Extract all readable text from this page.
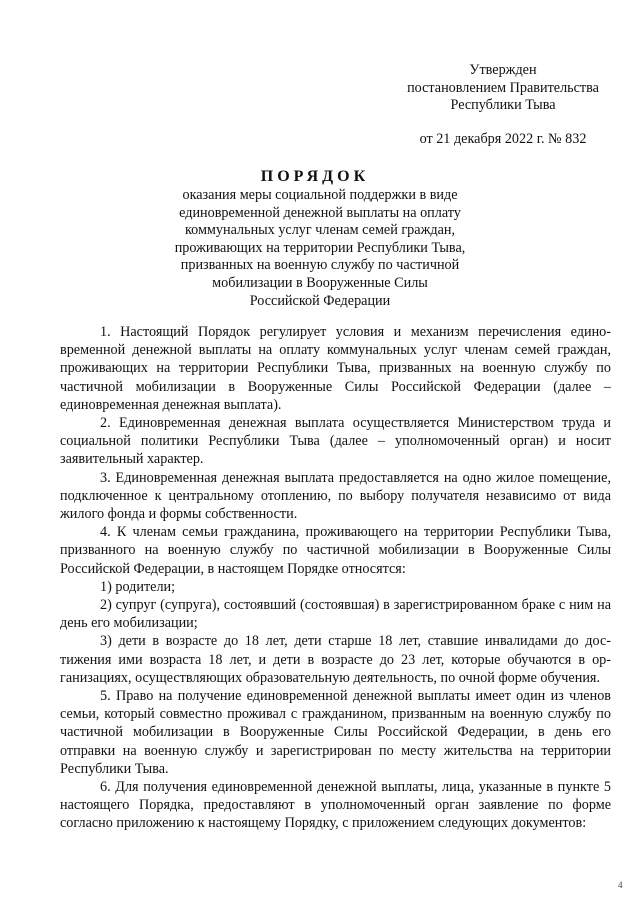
Утвержден
постановлением Правительства
Республики Тыва
от 21 декабря 2022 г. № 832
ПОРЯДОК
оказания меры социальной поддержки в виде
единовременной денежной выплаты на оплату
коммунальных услуг членам семей граждан,
проживающих на территории Республики Тыва,
призванных на военную службу по частичной
мобилизации в Вооруженные Силы
Российской Федерации

1. Настоящий Порядок регулирует условия и механизм перечисления единовременной денежной выплаты на оплату коммунальных услуг членам семей граждан, проживающих на территории Республики Тыва, призванных на военную службу по частичной мобилизации в Вооруженные Силы Российской Федерации (далее – единовременная денежная выплата).

2. Единовременная денежная выплата осуществляется Министерством труда и социальной политики Республики Тыва (далее – уполномоченный орган) и носит заявительный характер.

3. Единовременная денежная выплата предоставляется на одно жилое помещение, подключенное к центральному отоплению, по выбору получателя независимо от вида жилого фонда и формы собственности.

4. К членам семьи гражданина, проживающего на территории Республики Тыва, призванного на военную службу по частичной мобилизации в Вооруженные Силы Российской Федерации, в настоящем Порядке относятся:

1) родители;

2) супруг (супруга), состоявший (состоявшая) в зарегистрированном браке с ним на день его мобилизации;

3) дети в возрасте до 18 лет, дети старше 18 лет, ставшие инвалидами до достижения ими возраста 18 лет, и дети в возрасте до 23 лет, которые обучаются в организациях, осуществляющих образовательную деятельность, по очной форме обучения.

5. Право на получение единовременной денежной выплаты имеет один из членов семьи, который совместно проживал с гражданином, призванным на военную службу по частичной мобилизации в Вооруженные Силы Российской Федерации, в день его отправки на военную службу и зарегистрирован по месту жительства на территории Республики Тыва.

6. Для получения единовременной денежной выплаты, лица, указанные в пункте 5 настоящего Порядка, предоставляют в уполномоченный орган заявление по форме согласно приложению к настоящему Порядку, с приложением следующих документов:

4
